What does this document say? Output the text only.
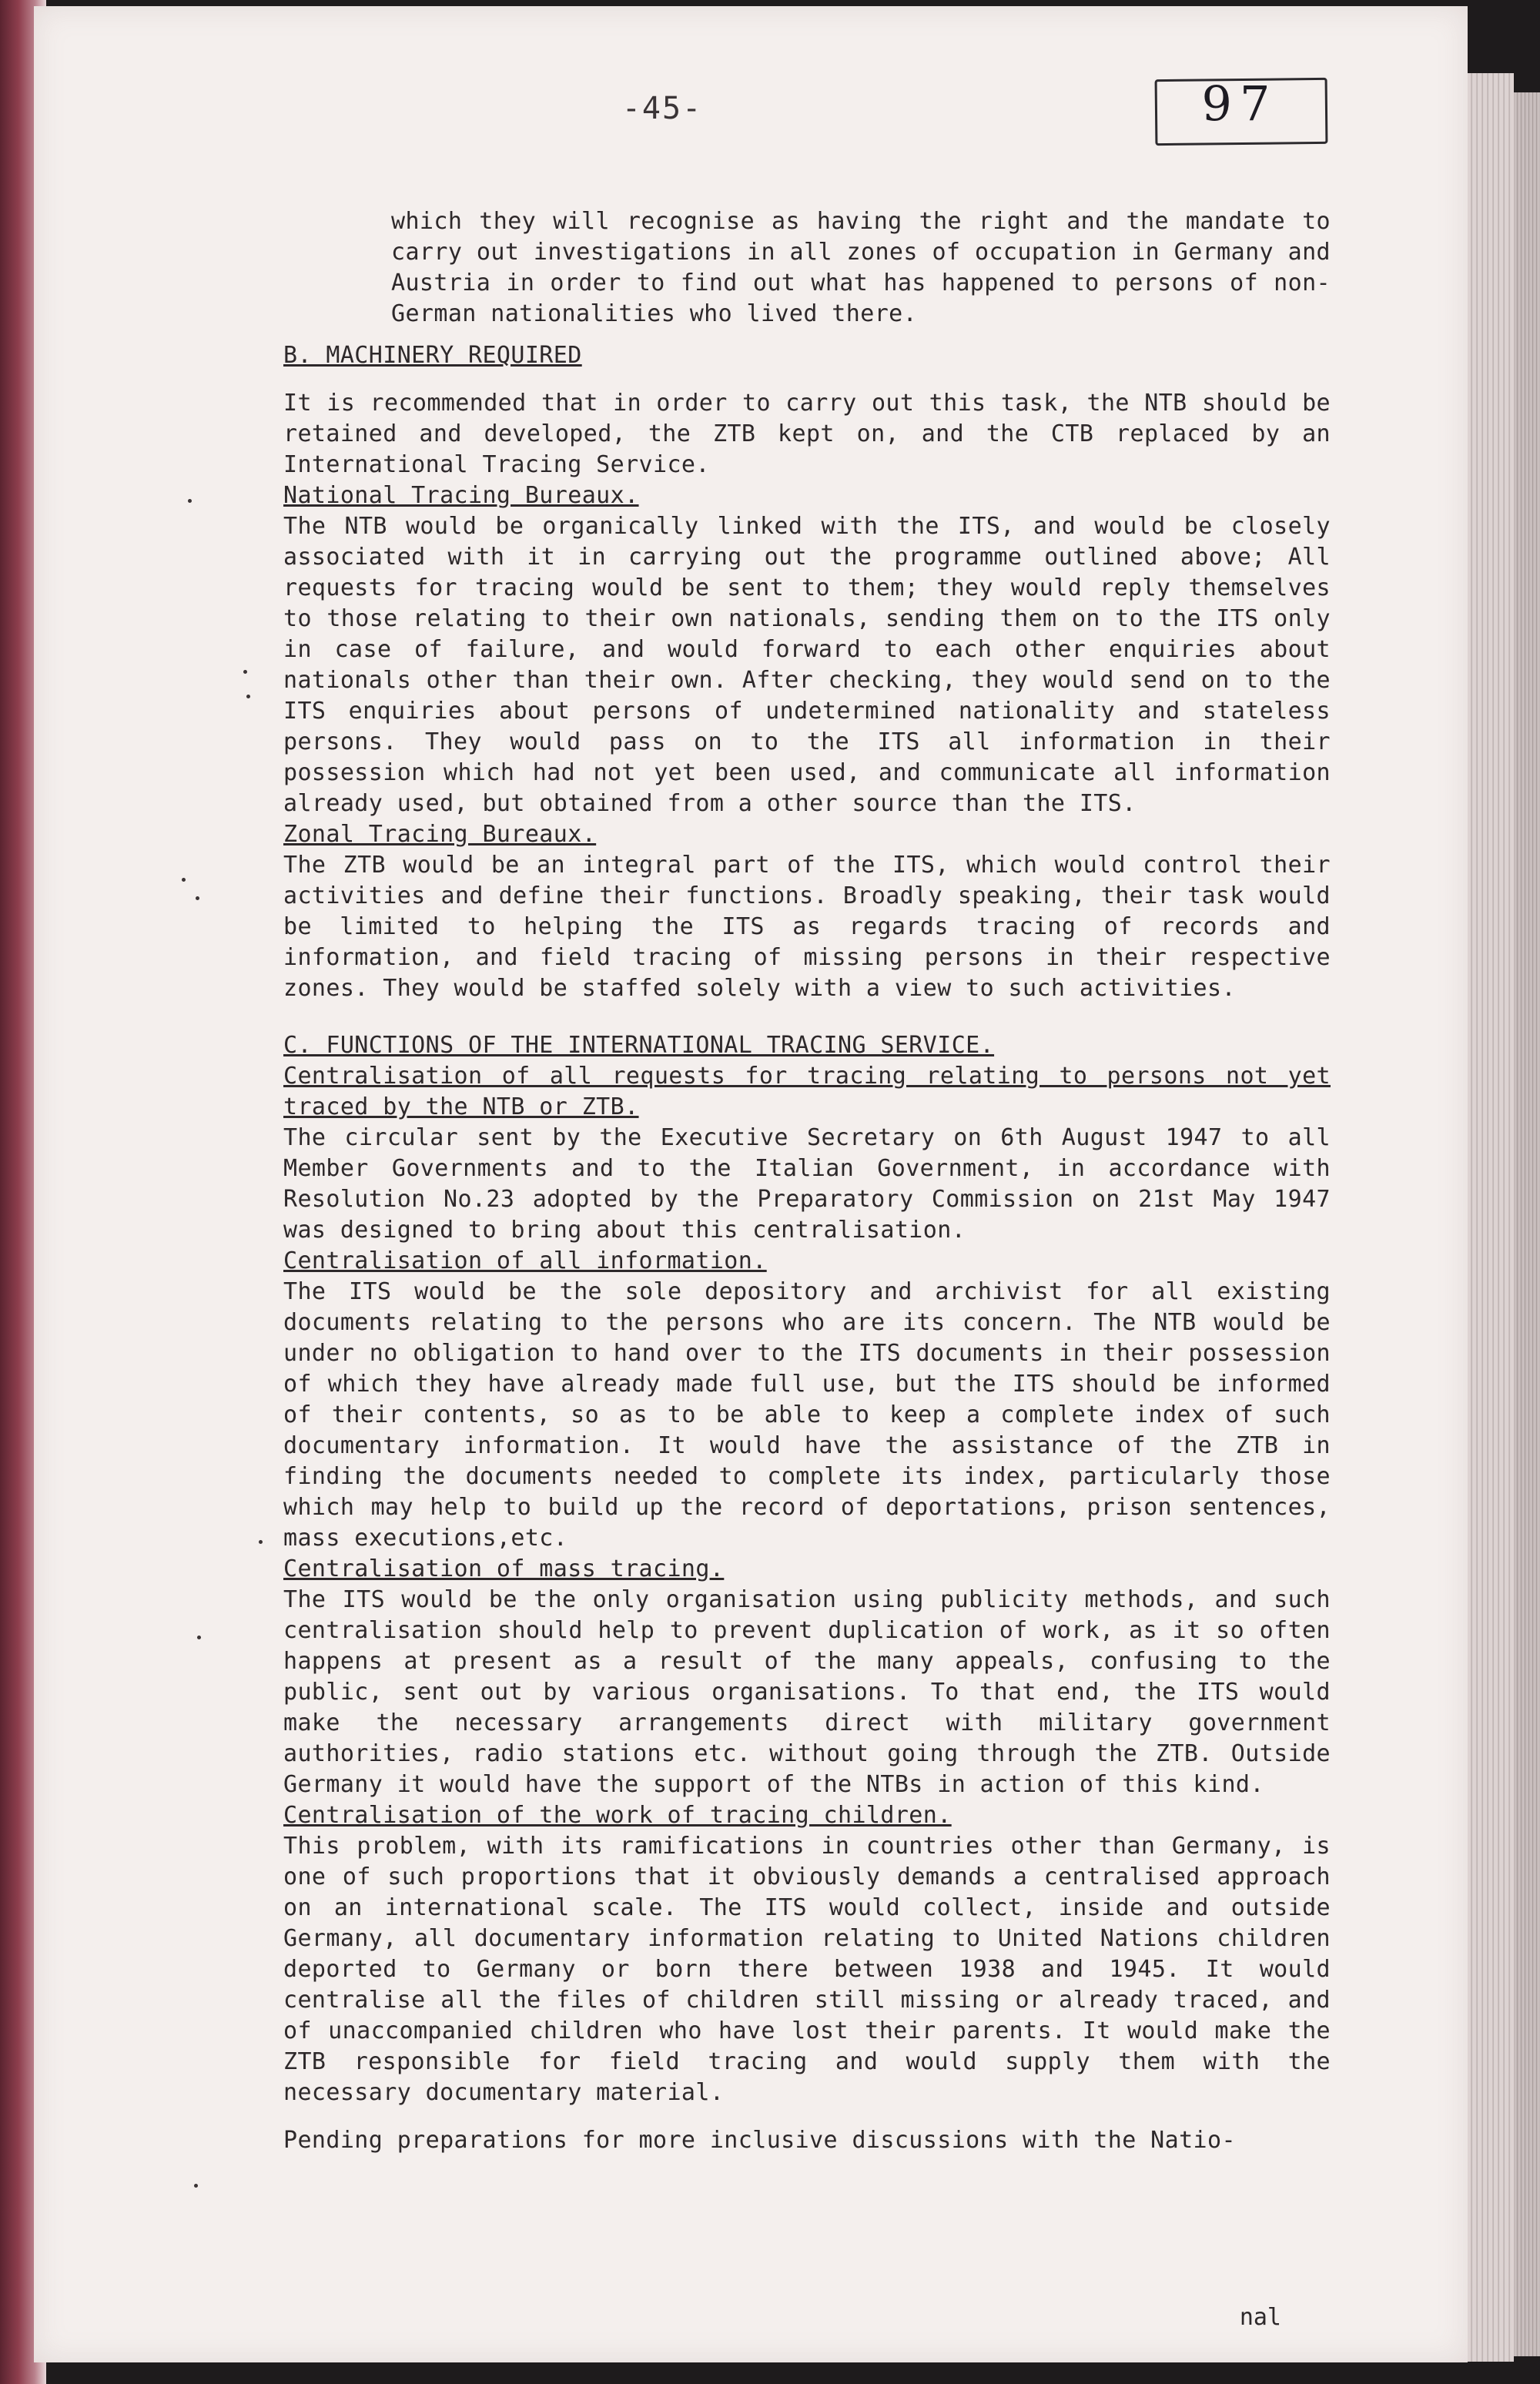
-45-	97

which they will recognise as having the right and the mandate to carry out investigations in all zones of occupation in Germany and Austria in order to find out what has happened to persons of non-German nationalities who lived there.

B. MACHINERY REQUIRED

It is recommended that in order to carry out this task, the NTB should be retained and developed, the ZTB kept on, and the CTB replaced by an International Tracing Service.

National Tracing Bureaux.

The NTB would be organically linked with the ITS, and would be closely associated with it in carrying out the programme outlined above; All requests for tracing would be sent to them; they would reply themselves to those relating to their own nationals, sending them on to the ITS only in case of failure, and would forward to each other enquiries about nationals other than their own. After checking, they would send on to the ITS enquiries about persons of undetermined nationality and stateless persons. They would pass on to the ITS all information in their possession which had not yet been used, and communicate all information already used, but obtained from a other source than the ITS.

Zonal Tracing Bureaux.

The ZTB would be an integral part of the ITS, which would control their activities and define their functions. Broadly speaking, their task would be limited to helping the ITS as regards tracing of records and information, and field tracing of missing persons in their respective zones. They would be staffed solely with a view to such activities.

C. FUNCTIONS OF THE INTERNATIONAL TRACING SERVICE.
Centralisation of all requests for tracing relating to persons not yet traced by the NTB or ZTB.

The circular sent by the Executive Secretary on 6th August 1947 to all Member Governments and to the Italian Government, in accordance with Resolution No.23 adopted by the Preparatory Commission on 21st May 1947 was designed to bring about this centralisation.

Centralisation of all information.

The ITS would be the sole depository and archivist for all existing documents relating to the persons who are its concern. The NTB would be under no obligation to hand over to the ITS documents in their possession of which they have already made full use, but the ITS should be informed of their contents, so as to be able to keep a complete index of such documentary information. It would have the assistance of the ZTB in finding the documents needed to complete its index, particularly those which may help to build up the record of deportations, prison sentences, mass executions,etc.

Centralisation of mass tracing.

The ITS would be the only organisation using publicity methods, and such centralisation should help to prevent duplication of work, as it so often happens at present as a result of the many appeals, confusing to the public, sent out by various organisations. To that end, the ITS would make the necessary arrangements direct with military government authorities, radio stations etc. without going through the ZTB. Outside Germany it would have the support of the NTBs in action of this kind.

Centralisation of the work of tracing children.

This problem, with its ramifications in countries other than Germany, is one of such proportions that it obviously demands a centralised approach on an international scale. The ITS would collect, inside and outside Germany, all documentary information relating to United Nations children deported to Germany or born there between 1938 and 1945. It would centralise all the files of children still missing or already traced, and of unaccompanied children who have lost their parents. It would make the ZTB responsible for field tracing and would supply them with the necessary documentary material.

Pending preparations for more inclusive discussions with the Natio-

nal
